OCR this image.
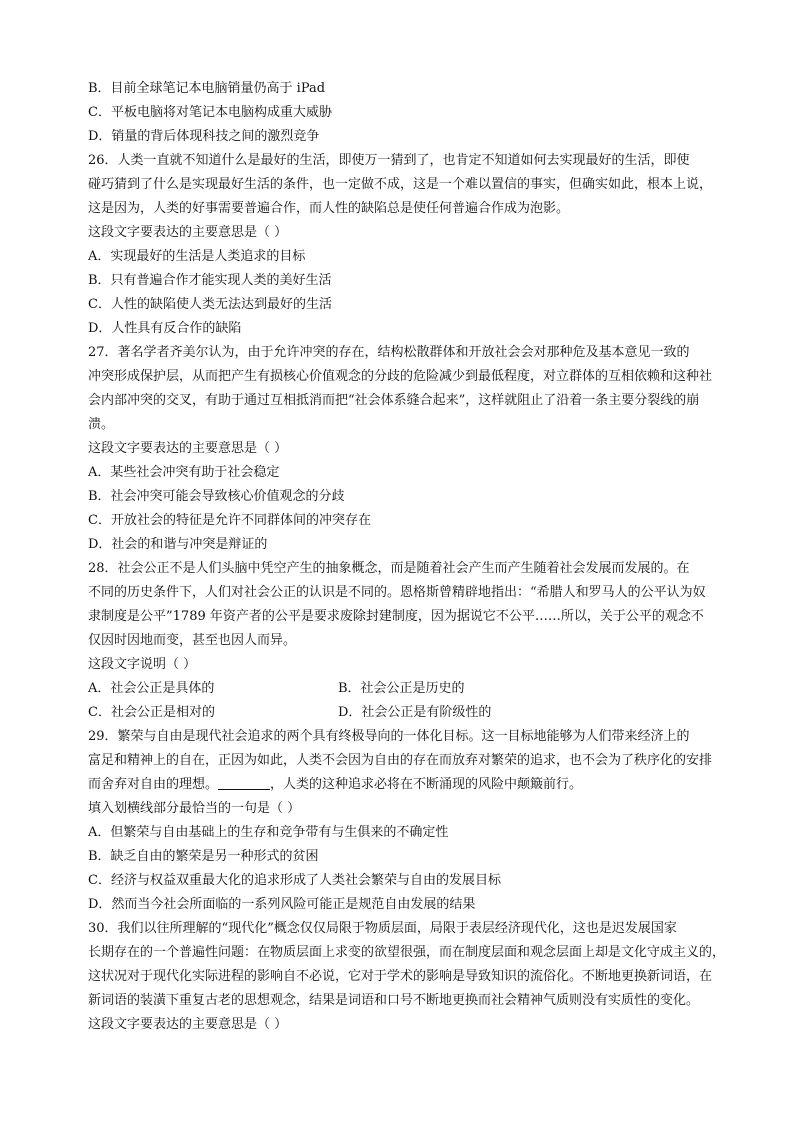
B．目前全球笔记本电脑销量仍高于 iPad
C．平板电脑将对笔记本电脑构成重大威胁
D．销量的背后体现科技之间的激烈竞争
26．人类一直就不知道什么是最好的生活，即使万一猜到了，也肯定不知道如何去实现最好的生活，即使
碰巧猜到了什么是实现最好生活的条件，也一定做不成，这是一个难以置信的事实，但确实如此，根本上说，
这是因为，人类的好事需要普遍合作，而人性的缺陷总是使任何普遍合作成为泡影。
这段文字要表达的主要意思是（ ）
A．实现最好的生活是人类追求的目标
B．只有普遍合作才能实现人类的美好生活
C．人性的缺陷使人类无法达到最好的生活
D．人性具有反合作的缺陷
27．著名学者齐美尔认为，由于允许冲突的存在，结构松散群体和开放社会会对那种危及基本意见一致的
冲突形成保护层，从而把产生有损核心价值观念的分歧的危险减少到最低程度，对立群体的互相依赖和这种社
会内部冲突的交叉，有助于通过互相抵消而把“社会体系缝合起来”，这样就阻止了沿着一条主要分裂线的崩
溃。
这段文字要表达的主要意思是（ ）
A．某些社会冲突有助于社会稳定
B．社会冲突可能会导致核心价值观念的分歧
C．开放社会的特征是允许不同群体间的冲突存在
D．社会的和谐与冲突是辩证的
28．社会公正不是人们头脑中凭空产生的抽象概念，而是随着社会产生而产生随着社会发展而发展的。在
不同的历史条件下，人们对社会公正的认识是不同的。恩格斯曾精辟地指出：“希腊人和罗马人的公平认为奴
隶制度是公平”1789 年资产者的公平是要求废除封建制度，因为据说它不公平……所以，关于公平的观念不
仅因时因地而变，甚至也因人而异。
这段文字说明（ ）
A．社会公正是具体的	B．社会公正是历史的
C．社会公正是相对的	D．社会公正是有阶级性的
29．繁荣与自由是现代社会追求的两个具有终极导向的一体化目标。这一目标地能够为人们带来经济上的
富足和精神上的自在，正因为如此，人类不会因为自由的存在而放弃对繁荣的追求，也不会为了秩序化的安排
而舍弃对自由的理想。	，人类的这种追求必将在不断涌现的风险中颠簸前行。
填入划横线部分最恰当的一句是（ ）
A．但繁荣与自由基础上的生存和竞争带有与生俱来的不确定性
B．缺乏自由的繁荣是另一种形式的贫困
C．经济与权益双重最大化的追求形成了人类社会繁荣与自由的发展目标
D．然而当今社会所面临的一系列风险可能正是规范自由发展的结果
30．我们以往所理解的“现代化”概念仅仅局限于物质层面，局限于表层经济现代化，这也是迟发展国家
长期存在的一个普遍性问题：在物质层面上求变的欲望很强，而在制度层面和观念层面上却是文化守成主义的，
这状况对于现代化实际进程的影响自不必说，它对于学术的影响是导致知识的流俗化。不断地更换新词语，在
新词语的装潢下重复古老的思想观念，结果是词语和口号不断地更换而社会精神气质则没有实质性的变化。
这段文字要表达的主要意思是（ ）
